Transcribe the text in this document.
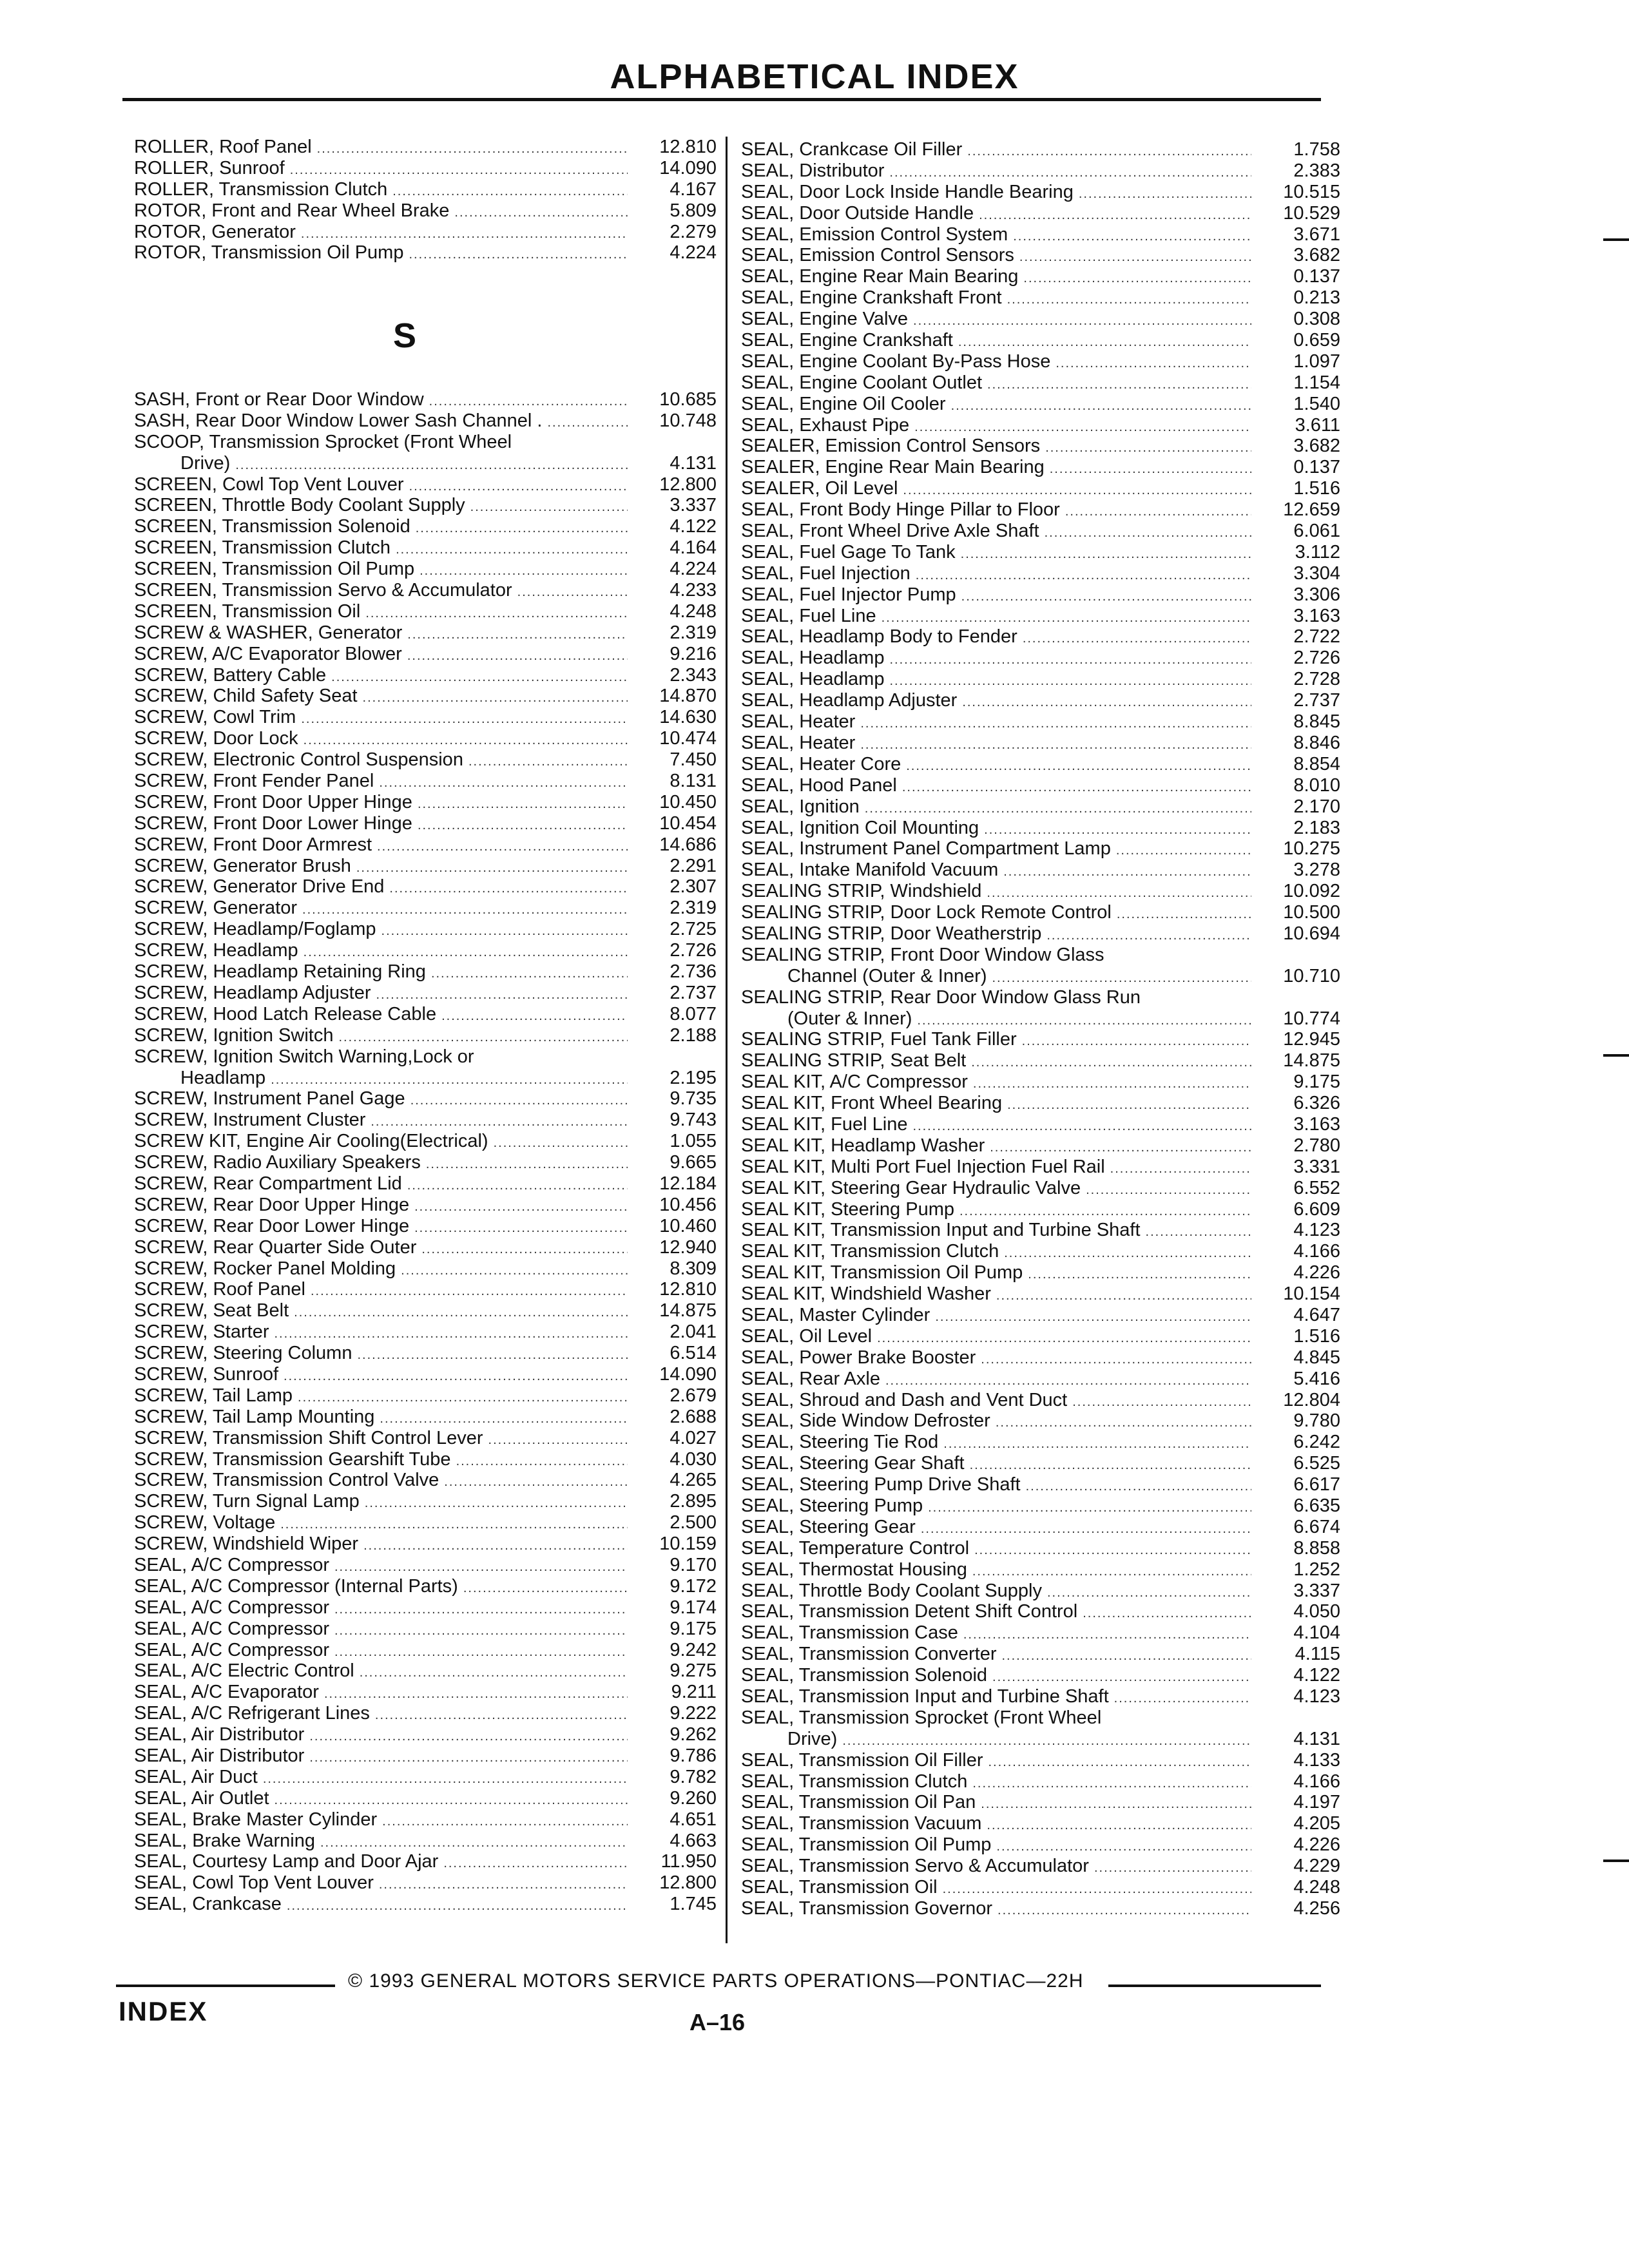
ALPHABETICAL INDEX
ROLLER, Roof Panel .....	12.810
ROLLER, Sunroof .....	14.090
ROLLER, Transmission Clutch .....	4.167
ROTOR, Front and Rear Wheel Brake .....	5.809
ROTOR, Generator .....	2.279
ROTOR, Transmission Oil Pump .....	4.224
S
SASH, Front or Rear Door Window .....	10.685
SASH, Rear Door Window Lower Sash Channel . .....	10.748
SCOOP, Transmission Sprocket (Front Wheel
Drive) .....	4.131
SCREEN, Cowl Top Vent Louver .....	12.800
SCREEN, Throttle Body Coolant Supply .....	3.337
SCREEN, Transmission Solenoid .....	4.122
SCREEN, Transmission Clutch .....	4.164
SCREEN, Transmission Oil Pump .....	4.224
SCREEN, Transmission Servo & Accumulator .....	4.233
SCREEN, Transmission Oil .....	4.248
SCREW & WASHER, Generator .....	2.319
SCREW, A/C Evaporator Blower .....	9.216
SCREW, Battery Cable .....	2.343
SCREW, Child Safety Seat .....	14.870
SCREW, Cowl Trim .....	14.630
SCREW, Door Lock .....	10.474
SCREW, Electronic Control Suspension .....	7.450
SCREW, Front Fender Panel .....	8.131
SCREW, Front Door Upper Hinge .....	10.450
SCREW, Front Door Lower Hinge .....	10.454
SCREW, Front Door Armrest .....	14.686
SCREW, Generator Brush .....	2.291
SCREW, Generator Drive End .....	2.307
SCREW, Generator .....	2.319
SCREW, Headlamp/Foglamp .....	2.725
SCREW, Headlamp .....	2.726
SCREW, Headlamp Retaining Ring .....	2.736
SCREW, Headlamp Adjuster .....	2.737
SCREW, Hood Latch Release Cable .....	8.077
SCREW, Ignition Switch .....	2.188
SCREW, Ignition Switch Warning,Lock or
Headlamp .....	2.195
SCREW, Instrument Panel Gage .....	9.735
SCREW, Instrument Cluster .....	9.743
SCREW KIT, Engine Air Cooling(Electrical) .....	1.055
SCREW, Radio Auxiliary Speakers .....	9.665
SCREW, Rear Compartment Lid .....	12.184
SCREW, Rear Door Upper Hinge .....	10.456
SCREW, Rear Door Lower Hinge .....	10.460
SCREW, Rear Quarter Side Outer .....	12.940
SCREW, Rocker Panel Molding .....	8.309
SCREW, Roof Panel .....	12.810
SCREW, Seat Belt .....	14.875
SCREW, Starter .....	2.041
SCREW, Steering Column .....	6.514
SCREW, Sunroof .....	14.090
SCREW, Tail Lamp .....	2.679
SCREW, Tail Lamp Mounting .....	2.688
SCREW, Transmission Shift Control Lever .....	4.027
SCREW, Transmission Gearshift Tube .....	4.030
SCREW, Transmission Control Valve .....	4.265
SCREW, Turn Signal Lamp .....	2.895
SCREW, Voltage .....	2.500
SCREW, Windshield Wiper .....	10.159
SEAL, A/C Compressor .....	9.170
SEAL, A/C Compressor (Internal Parts) .....	9.172
SEAL, A/C Compressor .....	9.174
SEAL, A/C Compressor .....	9.175
SEAL, A/C Compressor .....	9.242
SEAL, A/C Electric Control .....	9.275
SEAL, A/C Evaporator .....	9.211
SEAL, A/C Refrigerant Lines .....	9.222
SEAL, Air Distributor .....	9.262
SEAL, Air Distributor .....	9.786
SEAL, Air Duct .....	9.782
SEAL, Air Outlet .....	9.260
SEAL, Brake Master Cylinder .....	4.651
SEAL, Brake Warning .....	4.663
SEAL, Courtesy Lamp and Door Ajar .....	11.950
SEAL, Cowl Top Vent Louver .....	12.800
SEAL, Crankcase .....	1.745
SEAL, Crankcase Oil Filler .....	1.758
SEAL, Distributor .....	2.383
SEAL, Door Lock Inside Handle Bearing .....	10.515
SEAL, Door Outside Handle .....	10.529
SEAL, Emission Control System .....	3.671
SEAL, Emission Control Sensors .....	3.682
SEAL, Engine Rear Main Bearing .....	0.137
SEAL, Engine Crankshaft Front .....	0.213
SEAL, Engine Valve .....	0.308
SEAL, Engine Crankshaft .....	0.659
SEAL, Engine Coolant By-Pass Hose .....	1.097
SEAL, Engine Coolant Outlet .....	1.154
SEAL, Engine Oil Cooler .....	1.540
SEAL, Exhaust Pipe .....	3.611
SEALER, Emission Control Sensors .....	3.682
SEALER, Engine Rear Main Bearing .....	0.137
SEALER, Oil Level .....	1.516
SEAL, Front Body Hinge Pillar to Floor .....	12.659
SEAL, Front Wheel Drive Axle Shaft .....	6.061
SEAL, Fuel Gage To Tank .....	3.112
SEAL, Fuel Injection .....	3.304
SEAL, Fuel Injector Pump .....	3.306
SEAL, Fuel Line .....	3.163
SEAL, Headlamp Body to Fender .....	2.722
SEAL, Headlamp .....	2.726
SEAL, Headlamp .....	2.728
SEAL, Headlamp Adjuster .....	2.737
SEAL, Heater .....	8.845
SEAL, Heater .....	8.846
SEAL, Heater Core .....	8.854
SEAL, Hood Panel .....	8.010
SEAL, Ignition .....	2.170
SEAL, Ignition Coil Mounting .....	2.183
SEAL, Instrument Panel Compartment Lamp .....	10.275
SEAL, Intake Manifold Vacuum .....	3.278
SEALING STRIP, Windshield .....	10.092
SEALING STRIP, Door Lock Remote Control .....	10.500
SEALING STRIP, Door Weatherstrip .....	10.694
SEALING STRIP, Front Door Window Glass
Channel (Outer & Inner) .....	10.710
SEALING STRIP, Rear Door Window Glass Run
(Outer & Inner) .....	10.774
SEALING STRIP, Fuel Tank Filler .....	12.945
SEALING STRIP, Seat Belt .....	14.875
SEAL KIT, A/C Compressor .....	9.175
SEAL KIT, Front Wheel Bearing .....	6.326
SEAL KIT, Fuel Line .....	3.163
SEAL KIT, Headlamp Washer .....	2.780
SEAL KIT, Multi Port Fuel Injection Fuel Rail .....	3.331
SEAL KIT, Steering Gear Hydraulic Valve .....	6.552
SEAL KIT, Steering Pump .....	6.609
SEAL KIT, Transmission Input and Turbine Shaft .....	4.123
SEAL KIT, Transmission Clutch .....	4.166
SEAL KIT, Transmission Oil Pump .....	4.226
SEAL KIT, Windshield Washer .....	10.154
SEAL, Master Cylinder .....	4.647
SEAL, Oil Level .....	1.516
SEAL, Power Brake Booster .....	4.845
SEAL, Rear Axle .....	5.416
SEAL, Shroud and Dash and Vent Duct .....	12.804
SEAL, Side Window Defroster .....	9.780
SEAL, Steering Tie Rod .....	6.242
SEAL, Steering Gear Shaft .....	6.525
SEAL, Steering Pump Drive Shaft .....	6.617
SEAL, Steering Pump .....	6.635
SEAL, Steering Gear .....	6.674
SEAL, Temperature Control .....	8.858
SEAL, Thermostat Housing .....	1.252
SEAL, Throttle Body Coolant Supply .....	3.337
SEAL, Transmission Detent Shift Control .....	4.050
SEAL, Transmission Case .....	4.104
SEAL, Transmission Converter .....	4.115
SEAL, Transmission Solenoid .....	4.122
SEAL, Transmission Input and Turbine Shaft .....	4.123
SEAL, Transmission Sprocket (Front Wheel
Drive) .....	4.131
SEAL, Transmission Oil Filler .....	4.133
SEAL, Transmission Clutch .....	4.166
SEAL, Transmission Oil Pan .....	4.197
SEAL, Transmission Vacuum .....	4.205
SEAL, Transmission Oil Pump .....	4.226
SEAL, Transmission Servo & Accumulator .....	4.229
SEAL, Transmission Oil .....	4.248
SEAL, Transmission Governor .....	4.256
© 1993 GENERAL MOTORS SERVICE PARTS OPERATIONS—PONTIAC—22H
INDEX	A–16
